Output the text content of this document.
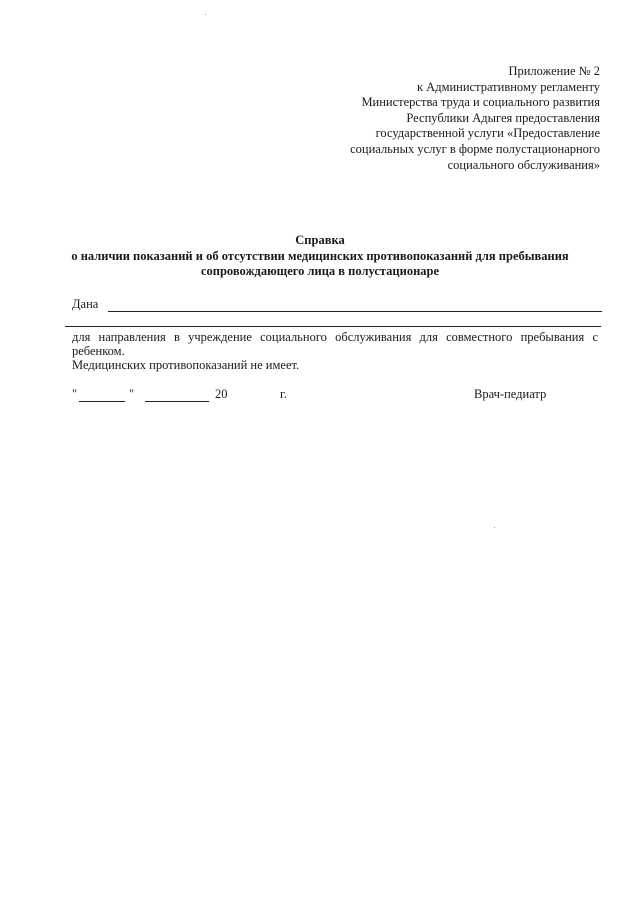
Приложение № 2
к Административному регламенту
Министерства труда и социального развития
Республики Адыгея предоставления
государственной услуги «Предоставление
социальных услуг в форме полустационарного
социального обслуживания»
Справка
о наличии показаний и об отсутствии медицинских противопоказаний для пребывания
сопровождающего лица в полустационаре
Дана

для направления в учреждение социального обслуживания для совместного пребывания с ребенком.

Медицинских противопоказаний не имеет.

"	"	20	г.	Врач-педиатр
